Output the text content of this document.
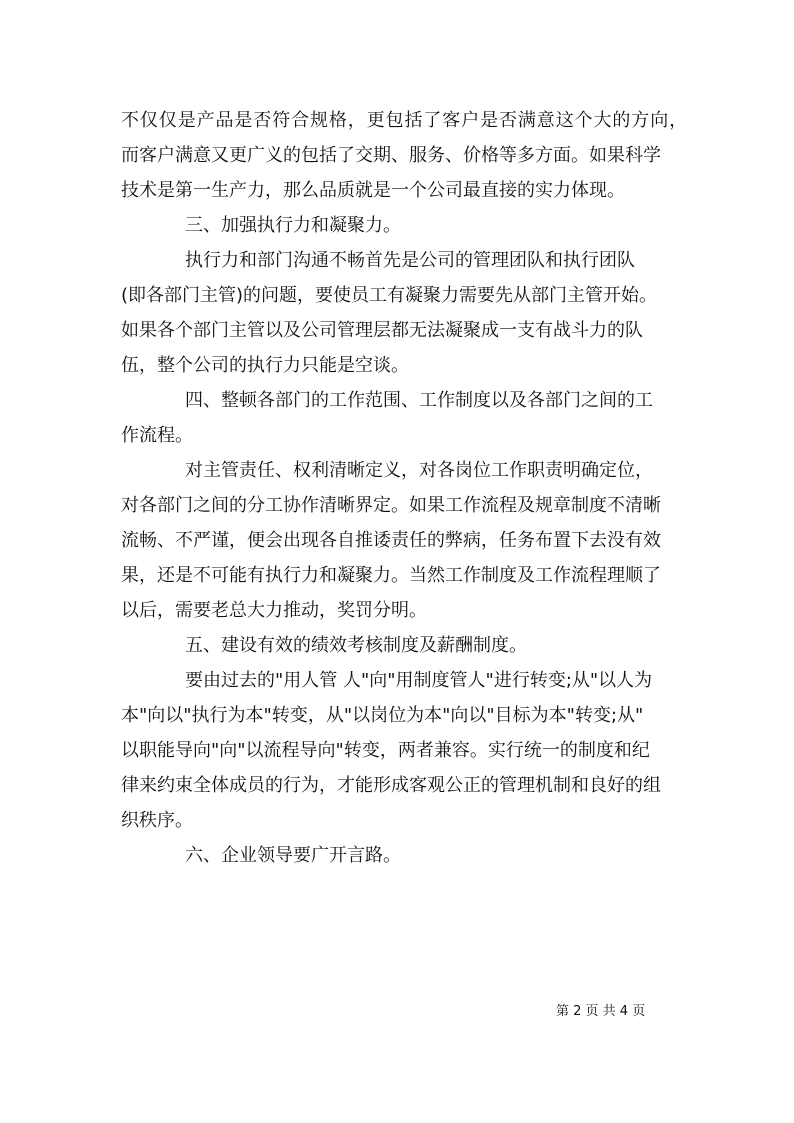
不仅仅是产品是否符合规格，更包括了客户是否满意这个大的方向，
而客户满意又更广义的包括了交期、服务、价格等多方面。如果科学
技术是第一生产力，那么品质就是一个公司最直接的实力体现。
三、加强执行力和凝聚力。
执行力和部门沟通不畅首先是公司的管理团队和执行团队
(即各部门主管)的问题，要使员工有凝聚力需要先从部门主管开始。
如果各个部门主管以及公司管理层都无法凝聚成一支有战斗力的队
伍，整个公司的执行力只能是空谈。
四、整顿各部门的工作范围、工作制度以及各部门之间的工
作流程。
对主管责任、权利清晰定义，对各岗位工作职责明确定位，
对各部门之间的分工协作清晰界定。如果工作流程及规章制度不清晰
流畅、不严谨，便会出现各自推诿责任的弊病，任务布置下去没有效
果，还是不可能有执行力和凝聚力。当然工作制度及工作流程理顺了
以后，需要老总大力推动，奖罚分明。
五、建设有效的绩效考核制度及薪酬制度。
要由过去的"用人管 人"向"用制度管人"进行转变;从"以人为
本"向以"执行为本"转变，从"以岗位为本"向以"目标为本"转变;从"
以职能导向"向"以流程导向"转变，两者兼容。实行统一的制度和纪
律来约束全体成员的行为，才能形成客观公正的管理机制和良好的组
织秩序。
六、企业领导要广开言路。
第 2 页 共 4 页
